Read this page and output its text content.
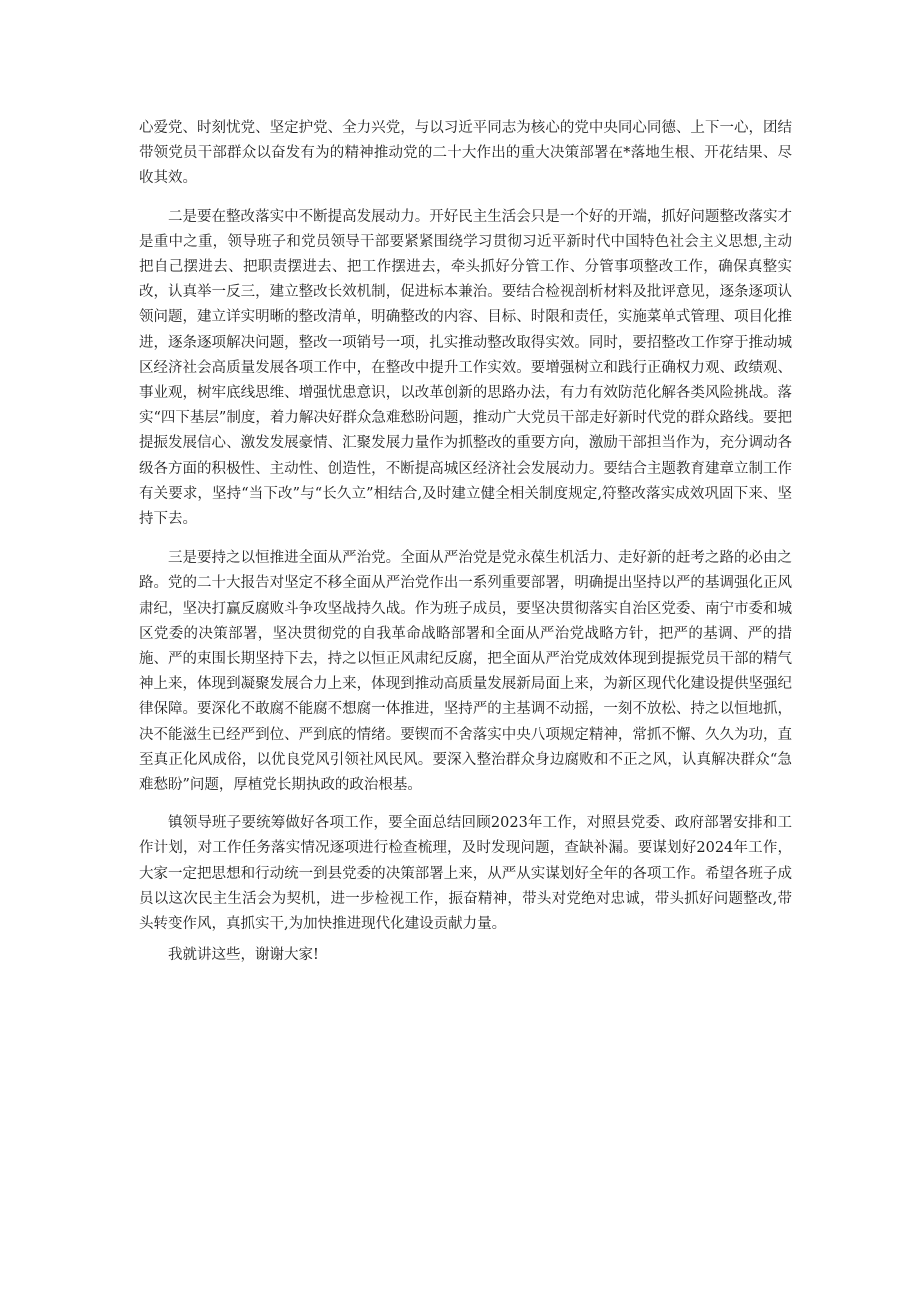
心爱党、时刻忧党、坚定护党、全力兴党，与以习近平同志为核心的党中央同心同德、上下一心，团结带领党员干部群众以奋发有为的精神推动党的二十大作出的重大决策部署在*落地生根、开花结果、尽收其效。

二是要在整改落实中不断提高发展动力。开好民主生活会只是一个好的开端，抓好问题整改落实才是重中之重，领导班子和党员领导干部要紧紧围绕学习贯彻习近平新时代中国特色社会主义思想,主动把自己摆进去、把职责摆进去、把工作摆进去，牵头抓好分管工作、分管事项整改工作，确保真整实改，认真举一反三，建立整改长效机制，促进标本兼治。要结合检视剖析材料及批评意见，逐条逐项认领问题，建立详实明晰的整改清单，明确整改的内容、目标、时限和责任，实施菜单式管理、项目化推进，逐条逐项解决问题，整改一项销号一项，扎实推动整改取得实效。同时，要招整改工作穿于推动城区经济社会高质量发展各项工作中，在整改中提升工作实效。要增强树立和践行正确权力观、政绩观、事业观，树牢底线思维、增强忧患意识，以改革创新的思路办法，有力有效防范化解各类风险挑战。落实“四下基层”制度，着力解决好群众急难愁盼问题，推动广大党员干部走好新时代党的群众路线。要把提振发展信心、激发发展豪情、汇聚发展力量作为抓整改的重要方向，激励干部担当作为，充分调动各级各方面的积极性、主动性、创造性，不断提高城区经济社会发展动力。要结合主题教育建章立制工作有关要求，坚持“当下改”与“长久立”相结合,及时建立健全相关制度规定,符整改落实成效巩固下来、坚持下去。

三是要持之以恒推进全面从严治党。全面从严治党是党永葆生机活力、走好新的赶考之路的必由之路。党的二十大报告对坚定不移全面从严治党作出一系列重要部署，明确提出坚持以严的基调强化正风肃纪，坚决打赢反腐败斗争攻坚战持久战。作为班子成员，要坚决贯彻落实自治区党委、南宁市委和城区党委的决策部署，坚决贯彻党的自我革命战略部署和全面从严治党战略方针，把严的基调、严的措施、严的束围长期坚持下去，持之以恒正风肃纪反腐，把全面从严治党成效体现到提振党员干部的精气神上来，体现到凝聚发展合力上来，体现到推动高质量发展新局面上来，为新区现代化建设提供坚强纪律保障。要深化不敢腐不能腐不想腐一体推进，坚持严的主基调不动摇，一刻不放松、持之以恒地抓，决不能滋生已经严到位、严到底的情绪。要锲而不舍落实中央八项规定精神，常抓不懈、久久为功，直至真正化风成俗，以优良党风引领社风民风。要深入整治群众身边腐败和不正之风，认真解决群众“急难愁盼”问题，厚植党长期执政的政治根基。

镇领导班子要统筹做好各项工作，要全面总结回顾2023年工作，对照县党委、政府部署安排和工作计划，对工作任务落实情况逐项进行检查梳理，及时发现问题，查缺补漏。要谋划好2024年工作，大家一定把思想和行动统一到县党委的决策部署上来，从严从实谋划好全年的各项工作。希望各班子成员以这次民主生活会为契机，进一步检视工作，振奋精神，带头对党绝对忠诚，带头抓好问题整改,带头转变作风，真抓实干,为加快推进现代化建设贡献力量。

我就讲这些，谢谢大家!
